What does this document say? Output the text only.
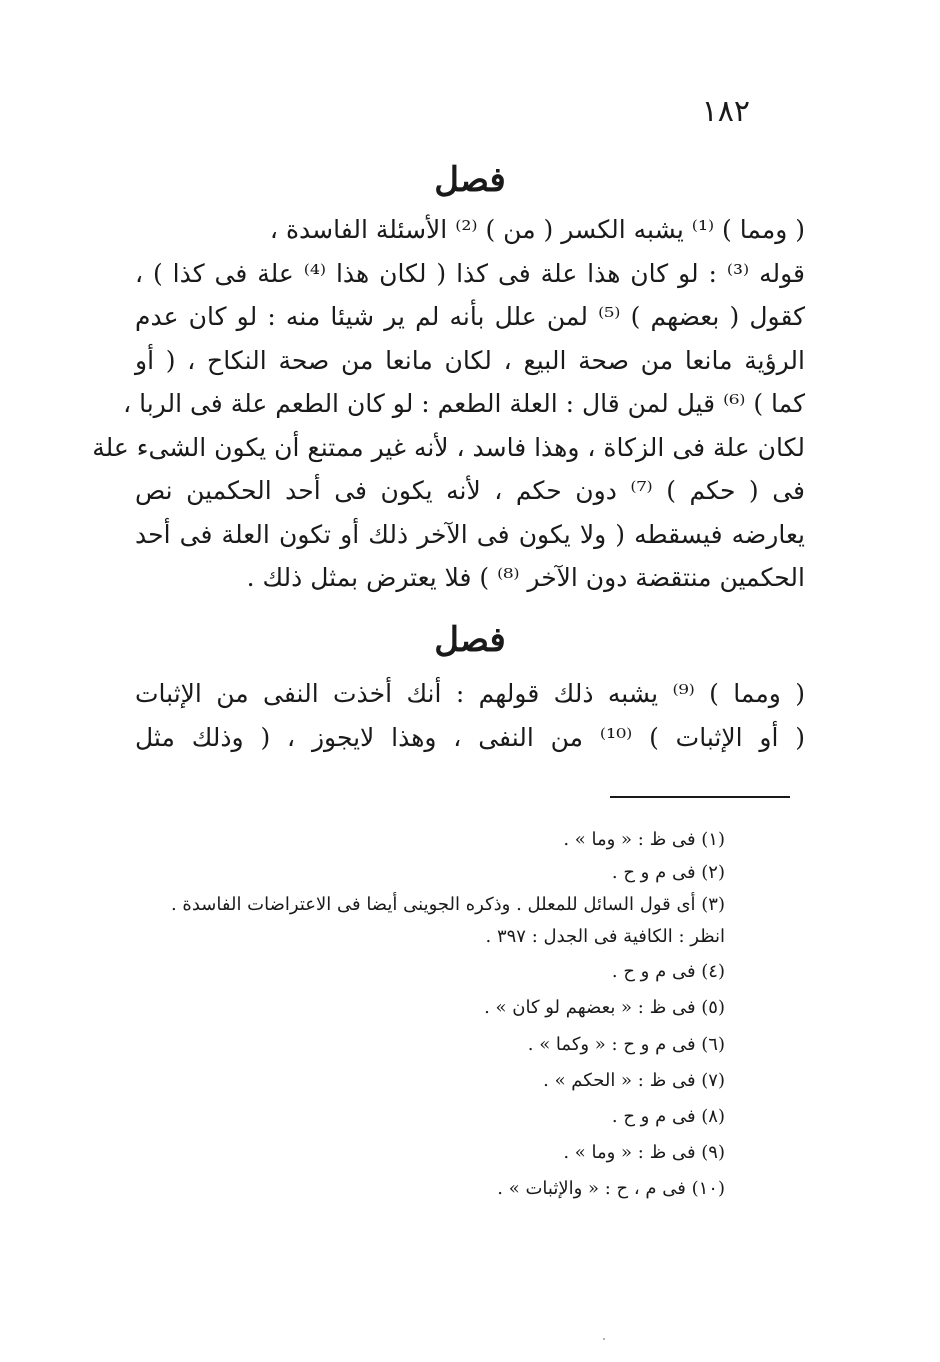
١٨٢
فصل
( ومما ) ⁽¹⁾ يشبه الكسر ( من ) ⁽²⁾ الأسئلة الفاسدة ،
قوله ⁽³⁾ : لو كان هذا علة فى كذا ( لكان هذا ⁽⁴⁾ علة فى كذا ) ،
كقول ( بعضهم ) ⁽⁵⁾ لمن علل بأنه لم ير شيئا منه : لو كان عدم
الرؤية مانعا من صحة البيع ، لكان مانعا من صحة النكاح ، ( أو
كما ) ⁽⁶⁾ قيل لمن قال : العلة الطعم : لو كان الطعم علة فى الربا ،
لكان علة فى الزكاة ، وهذا فاسد ، لأنه غير ممتنع أن يكون الشىء علة
فى ( حكم ) ⁽⁷⁾ دون حكم ، لأنه يكون فى أحد الحكمين نص
يعارضه فيسقطه ( ولا يكون فى الآخر ذلك أو تكون العلة فى أحد
الحكمين منتقضة دون الآخر ⁽⁸⁾ ) فلا يعترض بمثل ذلك .
فصل
( ومما ) ⁽⁹⁾ يشبه ذلك قولهم : أنك أخذت النفى من الإثبات
( أو الإثبات ) ⁽¹⁰⁾ من النفى ، وهذا لايجوز ، ( وذلك مثل
(١) فى ظ : « وما » .
(٢) فى م و ح .
(٣) أى قول السائل للمعلل . وذكره الجوينى أيضا فى الاعتراضات الفاسدة .
انظر : الكافية فى الجدل : ٣٩٧ .
(٤) فى م و ح .
(٥) فى ظ : « بعضهم لو كان » .
(٦) فى م و ح : « وكما » .
(٧) فى ظ : « الحكم » .
(٨) فى م و ح .
(٩) فى ظ : « وما » .
(١٠) فى م ، ح : « والإثبات » .
